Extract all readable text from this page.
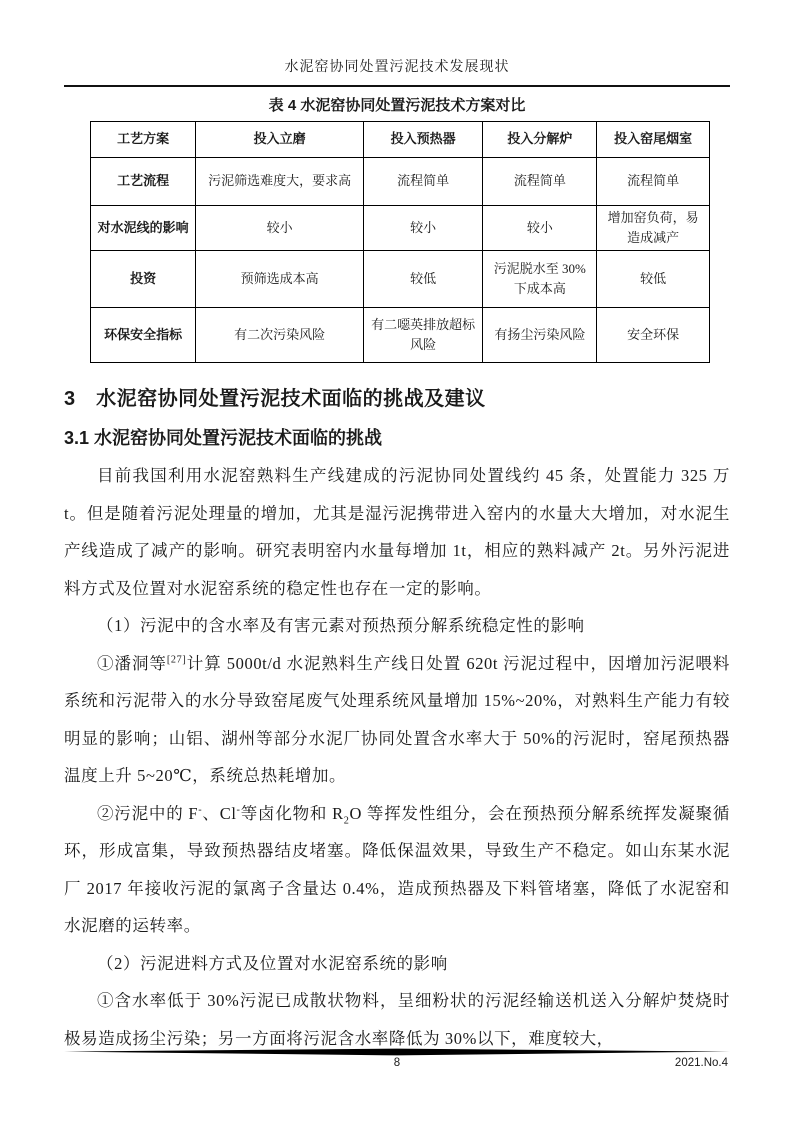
水泥窑协同处置污泥技术发展现状
表 4 水泥窑协同处置污泥技术方案对比
工艺方案	投入立磨	投入预热器	投入分解炉	投入窑尾烟室
工艺流程	污泥筛选难度大，要求高	流程简单	流程简单	流程简单
对水泥线的影响	较小	较小	较小	增加窑负荷，易造成减产
投资	预筛选成本高	较低	污泥脱水至 30%下成本高	较低
环保安全指标	有二次污染风险	有二噁英排放超标风险	有扬尘污染风险	安全环保
3　水泥窑协同处置污泥技术面临的挑战及建议
3.1 水泥窑协同处置污泥技术面临的挑战

目前我国利用水泥窑熟料生产线建成的污泥协同处置线约 45 条，处置能力 325 万 t。但是随着污泥处理量的增加，尤其是湿污泥携带进入窑内的水量大大增加，对水泥生产线造成了减产的影响。研究表明窑内水量每增加 1t，相应的熟料减产 2t。另外污泥进料方式及位置对水泥窑系统的稳定性也存在一定的影响。

（1）污泥中的含水率及有害元素对预热预分解系统稳定性的影响

①潘洞等[27]计算 5000t/d 水泥熟料生产线日处置 620t 污泥过程中，因增加污泥喂料系统和污泥带入的水分导致窑尾废气处理系统风量增加 15%~20%，对熟料生产能力有较明显的影响；山铝、湖州等部分水泥厂协同处置含水率大于 50%的污泥时，窑尾预热器温度上升 5~20℃，系统总热耗增加。

②污泥中的 F-、Cl-等卤化物和 $R_2O$ 等挥发性组分，会在预热预分解系统挥发凝聚循环，形成富集，导致预热器结皮堵塞。降低保温效果，导致生产不稳定。如山东某水泥厂 2017 年接收污泥的氯离子含量达 0.4%，造成预热器及下料管堵塞，降低了水泥窑和水泥磨的运转率。

（2）污泥进料方式及位置对水泥窑系统的影响

①含水率低于 30%污泥已成散状物料，呈细粉状的污泥经输送机送入分解炉焚烧时极易造成扬尘污染；另一方面将污泥含水率降低为 30%以下，难度较大，

8	2021.No.4
